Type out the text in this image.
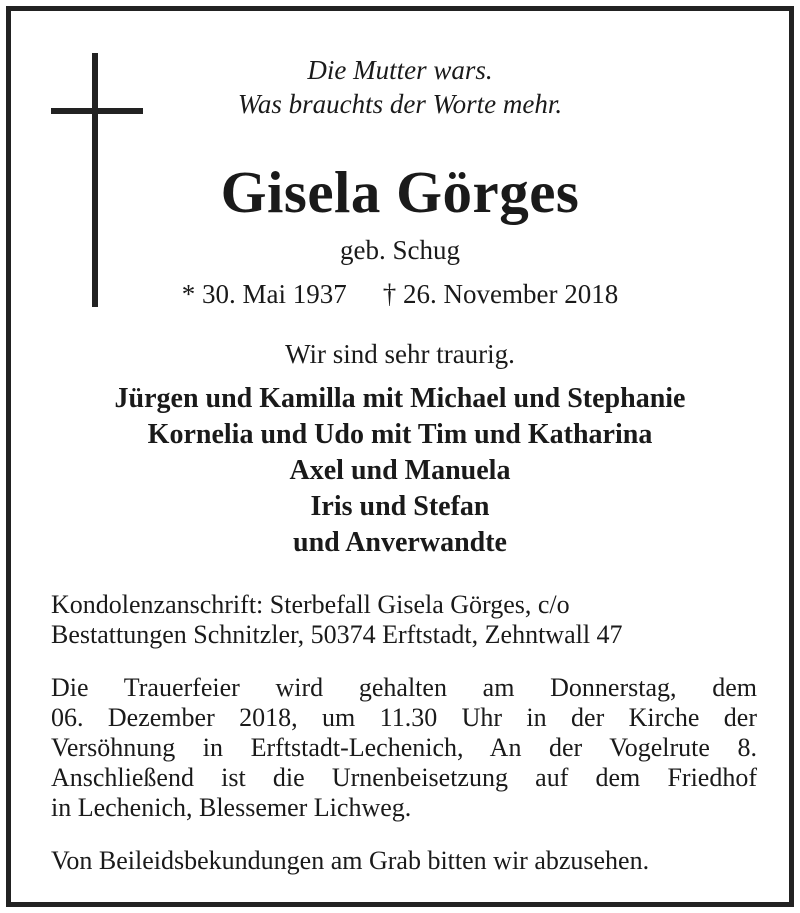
Die Mutter wars.
Was brauchts der Worte mehr.
Gisela Görges
geb. Schug
* 30. Mai 1937 † 26. November 2018
Wir sind sehr traurig.
Jürgen und Kamilla mit Michael und Stephanie
Kornelia und Udo mit Tim und Katharina
Axel und Manuela
Iris und Stefan
und Anverwandte
Kondolenzanschrift: Sterbefall Gisela Görges, c/o
Bestattungen Schnitzler, 50374 Erftstadt, Zehntwall 47
Die Trauerfeier wird gehalten am Donnerstag, dem
06. Dezember 2018, um 11.30 Uhr in der Kirche der
Versöhnung in Erftstadt-Lechenich, An der Vogelrute 8.
Anschließend ist die Urnenbeisetzung auf dem Friedhof
in Lechenich, Blessemer Lichweg.
Von Beileidsbekundungen am Grab bitten wir abzusehen.
